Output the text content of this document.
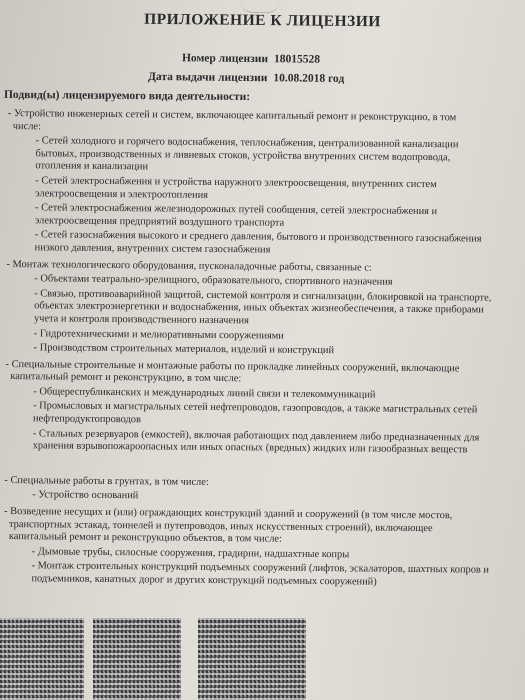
ПРИЛОЖЕНИЕ К ЛИЦЕНЗИИ
Номер лицензии 18015528
Дата выдачи лицензии 10.08.2018 год
Подвид(ы) лицензируемого вида деятельности:
- Устройство инженерных сетей и систем, включающее капитальный ремонт и реконструкцию, в том
числе:
- Сетей холодного и горячего водоснабжения, теплоснабжения, централизованной канализации
бытовых, производственных и ливневых стоков, устройства внутренних систем водопровода,
отопления и канализации
- Сетей электроснабжения и устройства наружного электроосвещения, внутренних систем
электроосвещения и электроотопления
- Сетей электроснабжения железнодорожных путей сообщения, сетей электроснабжения и
электроосвещения предприятий воздушного транспорта
- Сетей газоснабжения высокого и среднего давления, бытового и производственного газоснабжения
низкого давления, внутренних систем газоснабжения
- Монтаж технологического оборудования, пусконаладочные работы, связанные с:
- Объектами театрально-зрелищного, образовательного, спортивного назначения
- Связью, противоаварийной защитой, системой контроля и сигнализации, блокировкой на транспорте,
объектах электроэнергетики и водоснабжения, иных объектах жизнеобеспечения, а также приборами
учета и контроля производственного назначения
- Гидротехническими и мелиоративными сооружениями
- Производством строительных материалов, изделий и конструкций
- Специальные строительные и монтажные работы по прокладке линейных сооружений, включающие
капитальный ремонт и реконструкцию, в том числе:
- Общереспубликанских и международных линий связи и телекоммуникаций
- Промысловых и магистральных сетей нефтепроводов, газопроводов, а также магистральных сетей
нефтепродуктопроводов
- Стальных резервуаров (емкостей), включая работающих под давлением либо предназначенных для
хранения взрывопожароопасных или иных опасных (вредных) жидких или газообразных веществ
- Специальные работы в грунтах, в том числе:
- Устройство оснований
- Возведение несущих и (или) ограждающих конструкций зданий и сооружений (в том числе мостов,
транспортных эстакад, тоннелей и путепроводов, иных искусственных строений), включающее
капитальный ремонт и реконструкцию объектов, в том числе:
- Дымовые трубы, силосные сооружения, градирни, надшахтные копры
- Монтаж строительных конструкций подъемных сооружений (лифтов, эскалаторов, шахтных копров и
подъемников, канатных дорог и других конструкций подъемных сооружений)
